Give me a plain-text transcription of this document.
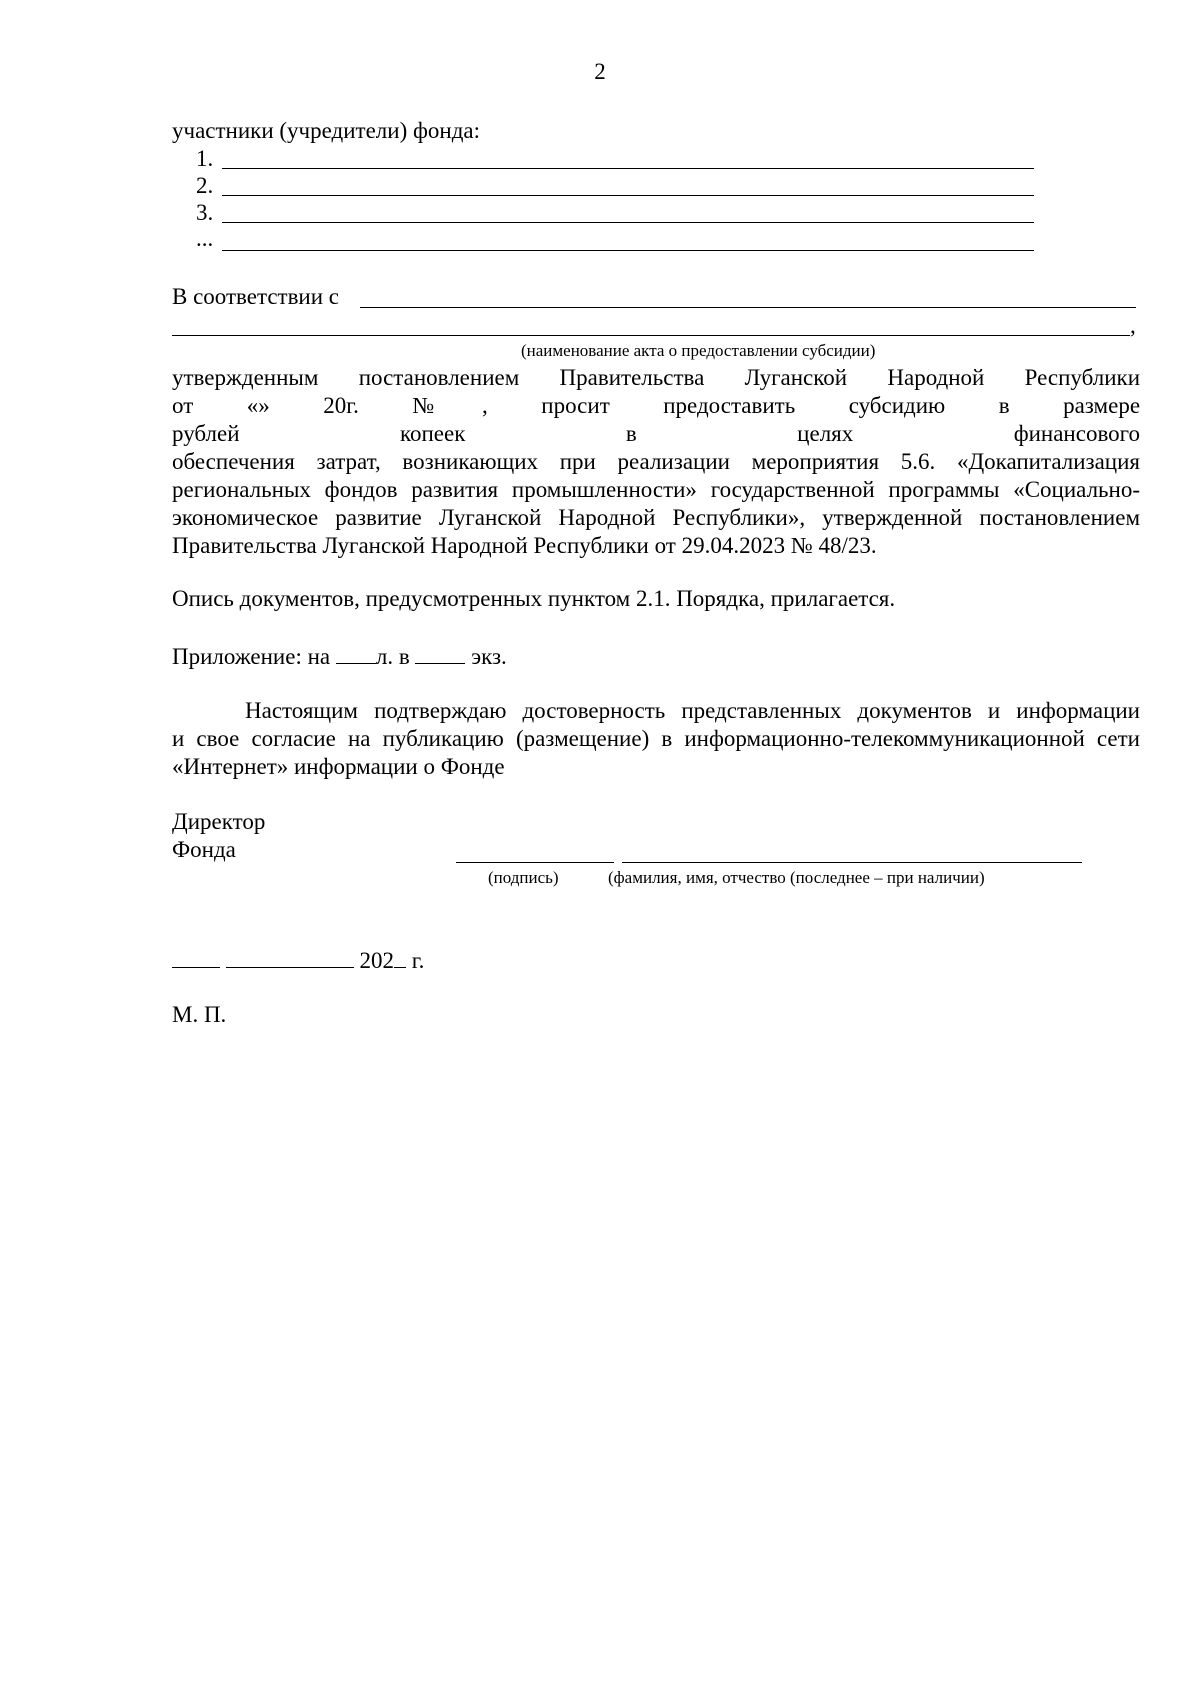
2
участники (учредители) фонда:
1.
2.
3.
...
В соответствии с
,
(наименование акта о предоставлении субсидии)
утвержденным постановлением Правительства Луганской Народной Республики
от «» 20г. №, просит предоставить субсидию в размере
рублей	копеек	в	целях	финансового
обеспечения затрат, возникающих при реализации мероприятия 5.6. «Докапитализация
региональных фондов развития промышленности» государственной программы «Социально-
экономическое развитие Луганской Народной Республики», утвержденной постановлением
Правительства Луганской Народной Республики от 29.04.2023 № 48/23.
Опись документов, предусмотренных пунктом 2.1. Порядка, прилагается.
Приложение: на л. в	экз.
Настоящим подтверждаю достоверность представленных документов и информации
и свое согласие на публикацию (размещение) в информационно-телекоммуникационной сети
«Интернет» информации о Фонде
Директор
Фонда
(подпись)	(фамилия, имя, отчество (последнее – при наличии)
202 г.
М. П.
